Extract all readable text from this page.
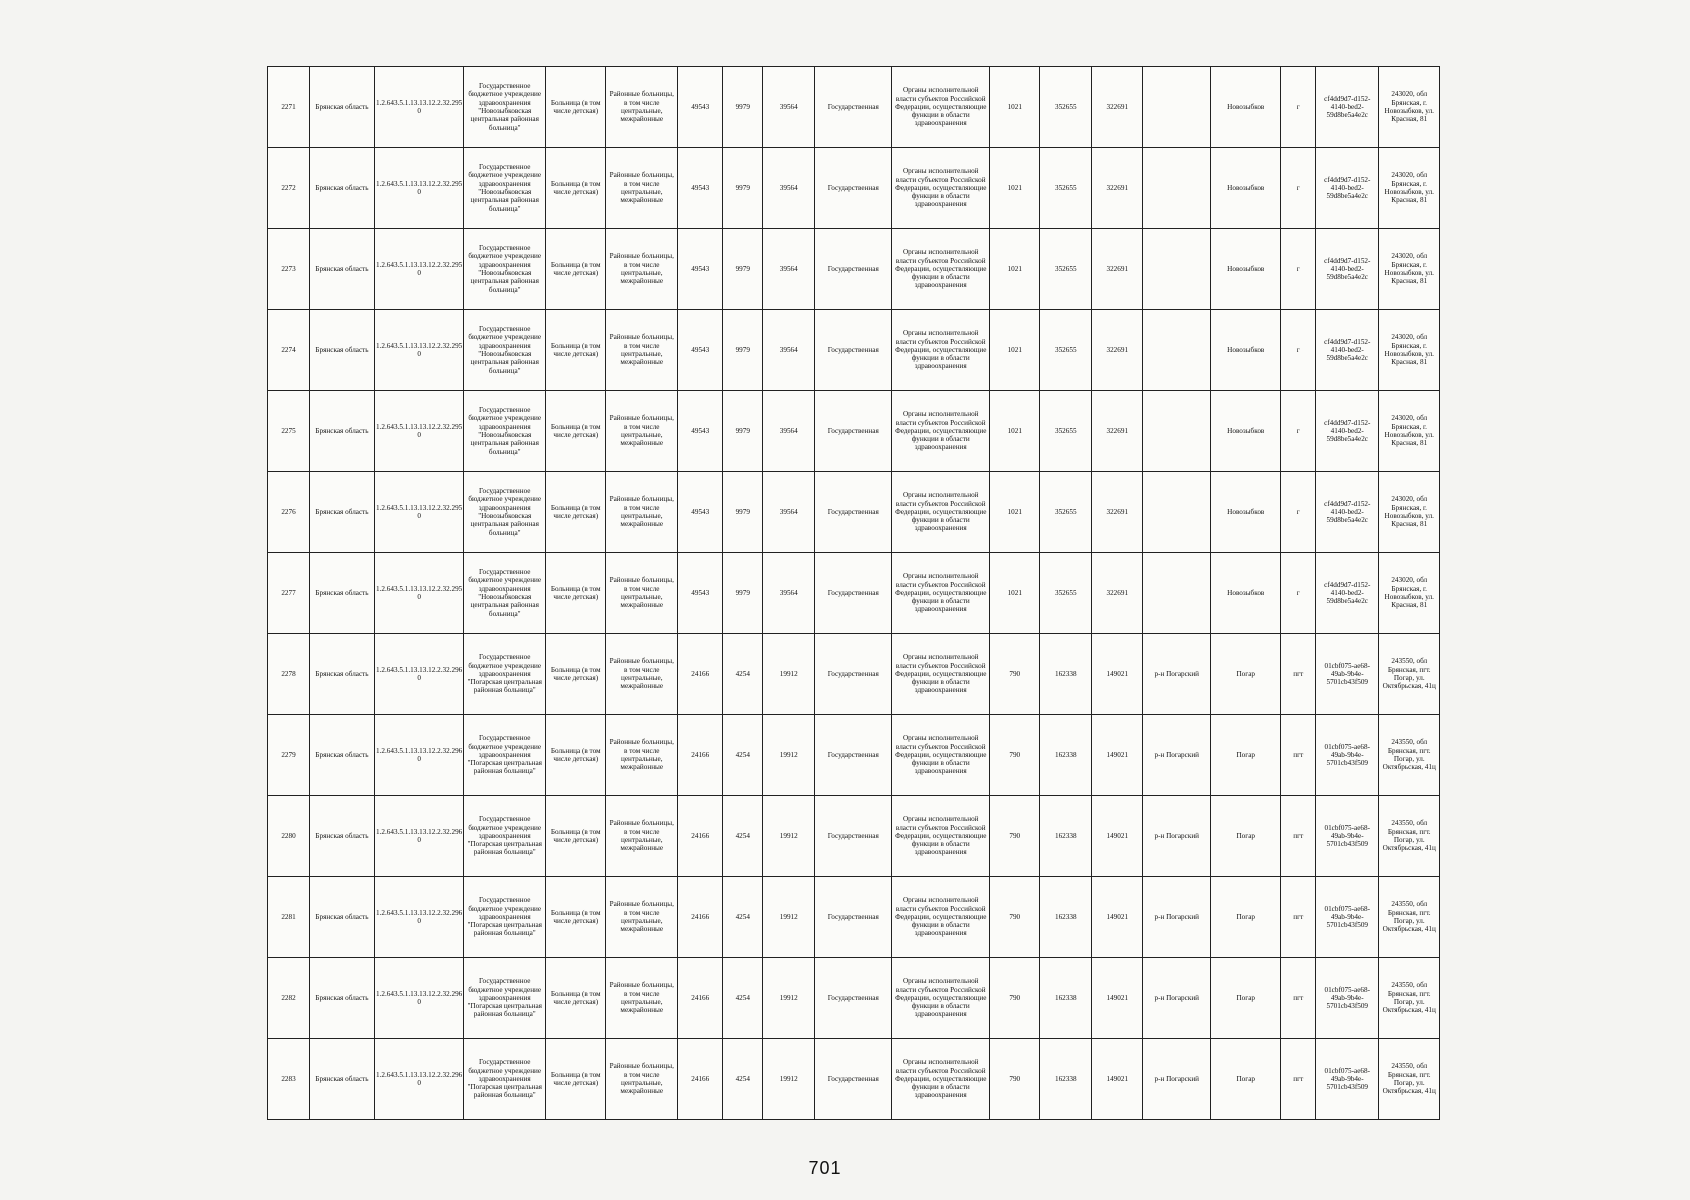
2271	Брянская область	1.2.643.5.1.13.13.12.2.32.295 0	Государственное бюджетное учреждение здравоохранения "Новозыбковская центральная районная больница"	Больница (в том числе детская)	Районные больницы, в том числе центральные, межрайонные	49543	9979	39564	Государственная	Органы исполнительной власти субъектов Российской Федерации, осуществляющие функции в области здравоохранения	1021	352655	322691		Новозыбков	г	cf4dd9d7-d152-4140-bed2-59d8be5a4e2c	243020, обл Брянская, г. Новозыбков, ул. Красная, 81
2272	Брянская область	1.2.643.5.1.13.13.12.2.32.295 0	Государственное бюджетное учреждение здравоохранения "Новозыбковская центральная районная больница"	Больница (в том числе детская)	Районные больницы, в том числе центральные, межрайонные	49543	9979	39564	Государственная	Органы исполнительной власти субъектов Российской Федерации, осуществляющие функции в области здравоохранения	1021	352655	322691		Новозыбков	г	cf4dd9d7-d152-4140-bed2-59d8be5a4e2c	243020, обл Брянская, г. Новозыбков, ул. Красная, 81
2273	Брянская область	1.2.643.5.1.13.13.12.2.32.295 0	Государственное бюджетное учреждение здравоохранения "Новозыбковская центральная районная больница"	Больница (в том числе детская)	Районные больницы, в том числе центральные, межрайонные	49543	9979	39564	Государственная	Органы исполнительной власти субъектов Российской Федерации, осуществляющие функции в области здравоохранения	1021	352655	322691		Новозыбков	г	cf4dd9d7-d152-4140-bed2-59d8be5a4e2c	243020, обл Брянская, г. Новозыбков, ул. Красная, 81
2274	Брянская область	1.2.643.5.1.13.13.12.2.32.295 0	Государственное бюджетное учреждение здравоохранения "Новозыбковская центральная районная больница"	Больница (в том числе детская)	Районные больницы, в том числе центральные, межрайонные	49543	9979	39564	Государственная	Органы исполнительной власти субъектов Российской Федерации, осуществляющие функции в области здравоохранения	1021	352655	322691		Новозыбков	г	cf4dd9d7-d152-4140-bed2-59d8be5a4e2c	243020, обл Брянская, г. Новозыбков, ул. Красная, 81
2275	Брянская область	1.2.643.5.1.13.13.12.2.32.295 0	Государственное бюджетное учреждение здравоохранения "Новозыбковская центральная районная больница"	Больница (в том числе детская)	Районные больницы, в том числе центральные, межрайонные	49543	9979	39564	Государственная	Органы исполнительной власти субъектов Российской Федерации, осуществляющие функции в области здравоохранения	1021	352655	322691		Новозыбков	г	cf4dd9d7-d152-4140-bed2-59d8be5a4e2c	243020, обл Брянская, г. Новозыбков, ул. Красная, 81
2276	Брянская область	1.2.643.5.1.13.13.12.2.32.295 0	Государственное бюджетное учреждение здравоохранения "Новозыбковская центральная районная больница"	Больница (в том числе детская)	Районные больницы, в том числе центральные, межрайонные	49543	9979	39564	Государственная	Органы исполнительной власти субъектов Российской Федерации, осуществляющие функции в области здравоохранения	1021	352655	322691		Новозыбков	г	cf4dd9d7-d152-4140-bed2-59d8be5a4e2c	243020, обл Брянская, г. Новозыбков, ул. Красная, 81
2277	Брянская область	1.2.643.5.1.13.13.12.2.32.295 0	Государственное бюджетное учреждение здравоохранения "Новозыбковская центральная районная больница"	Больница (в том числе детская)	Районные больницы, в том числе центральные, межрайонные	49543	9979	39564	Государственная	Органы исполнительной власти субъектов Российской Федерации, осуществляющие функции в области здравоохранения	1021	352655	322691		Новозыбков	г	cf4dd9d7-d152-4140-bed2-59d8be5a4e2c	243020, обл Брянская, г. Новозыбков, ул. Красная, 81
2278	Брянская область	1.2.643.5.1.13.13.12.2.32.296 0	Государственное бюджетное учреждение здравоохранения "Погарская центральная районная больница"	Больница (в том числе детская)	Районные больницы, в том числе центральные, межрайонные	24166	4254	19912	Государственная	Органы исполнительной власти субъектов Российской Федерации, осуществляющие функции в области здравоохранения	790	162338	149021	р-н Погарский	Погар	пгт	01cbf075-ae68-49ab-9b4e-5701cb43f509	243550, обл Брянская, пгт. Погар, ул. Октябрьская, 41ц
2279	Брянская область	1.2.643.5.1.13.13.12.2.32.296 0	Государственное бюджетное учреждение здравоохранения "Погарская центральная районная больница"	Больница (в том числе детская)	Районные больницы, в том числе центральные, межрайонные	24166	4254	19912	Государственная	Органы исполнительной власти субъектов Российской Федерации, осуществляющие функции в области здравоохранения	790	162338	149021	р-н Погарский	Погар	пгт	01cbf075-ae68-49ab-9b4e-5701cb43f509	243550, обл Брянская, пгт. Погар, ул. Октябрьская, 41ц
2280	Брянская область	1.2.643.5.1.13.13.12.2.32.296 0	Государственное бюджетное учреждение здравоохранения "Погарская центральная районная больница"	Больница (в том числе детская)	Районные больницы, в том числе центральные, межрайонные	24166	4254	19912	Государственная	Органы исполнительной власти субъектов Российской Федерации, осуществляющие функции в области здравоохранения	790	162338	149021	р-н Погарский	Погар	пгт	01cbf075-ae68-49ab-9b4e-5701cb43f509	243550, обл Брянская, пгт. Погар, ул. Октябрьская, 41ц
2281	Брянская область	1.2.643.5.1.13.13.12.2.32.296 0	Государственное бюджетное учреждение здравоохранения "Погарская центральная районная больница"	Больница (в том числе детская)	Районные больницы, в том числе центральные, межрайонные	24166	4254	19912	Государственная	Органы исполнительной власти субъектов Российской Федерации, осуществляющие функции в области здравоохранения	790	162338	149021	р-н Погарский	Погар	пгт	01cbf075-ae68-49ab-9b4e-5701cb43f509	243550, обл Брянская, пгт. Погар, ул. Октябрьская, 41ц
2282	Брянская область	1.2.643.5.1.13.13.12.2.32.296 0	Государственное бюджетное учреждение здравоохранения "Погарская центральная районная больница"	Больница (в том числе детская)	Районные больницы, в том числе центральные, межрайонные	24166	4254	19912	Государственная	Органы исполнительной власти субъектов Российской Федерации, осуществляющие функции в области здравоохранения	790	162338	149021	р-н Погарский	Погар	пгт	01cbf075-ae68-49ab-9b4e-5701cb43f509	243550, обл Брянская, пгт. Погар, ул. Октябрьская, 41ц
2283	Брянская область	1.2.643.5.1.13.13.12.2.32.296 0	Государственное бюджетное учреждение здравоохранения "Погарская центральная районная больница"	Больница (в том числе детская)	Районные больницы, в том числе центральные, межрайонные	24166	4254	19912	Государственная	Органы исполнительной власти субъектов Российской Федерации, осуществляющие функции в области здравоохранения	790	162338	149021	р-н Погарский	Погар	пгт	01cbf075-ae68-49ab-9b4e-5701cb43f509	243550, обл Брянская, пгт. Погар, ул. Октябрьская, 41ц
701
